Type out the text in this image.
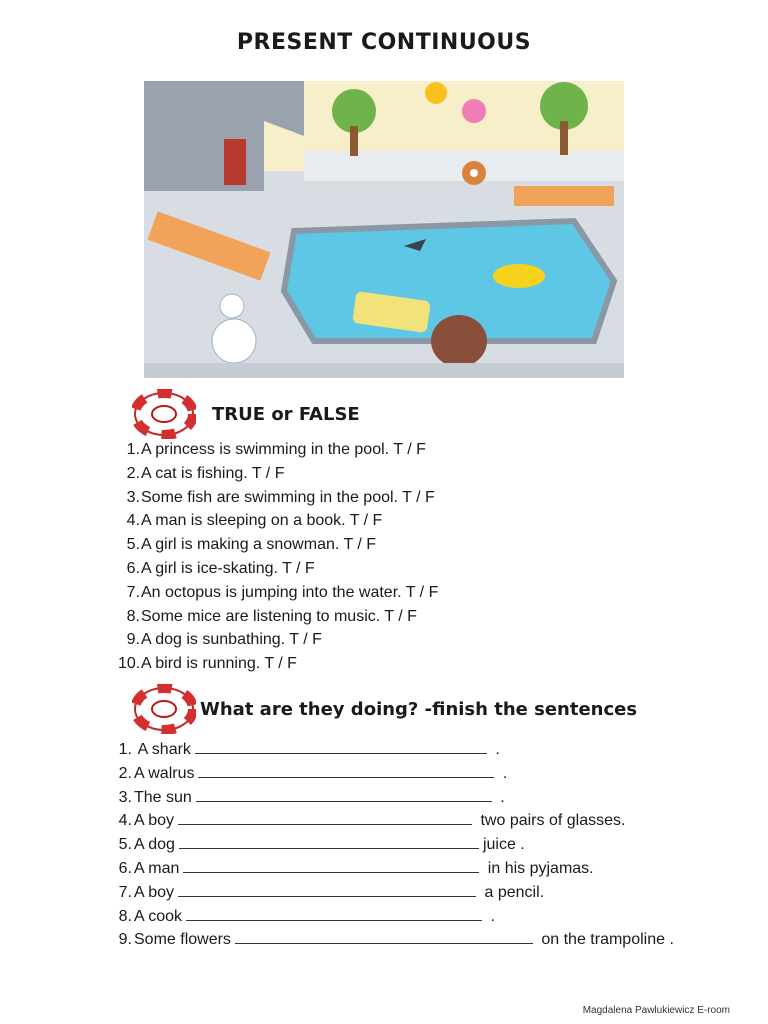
PRESENT CONTINUOUS
TRUE or FALSE
1.A princess is swimming in the pool. T / F
2.A cat is fishing. T / F
3.Some fish are swimming in the pool. T / F
4.A man is sleeping on a book. T / F
5.A girl is making a snowman. T / F
6.A girl is ice-skating. T / F
7.An octopus is jumping into the water. T / F
8.Some mice are listening to music. T / F
9.A dog is sunbathing. T / F
10.A bird is running. T / F
What are they doing? -finish the sentences
1. A shark	.
2. A walrus	.
3. The sun	.
4. A boy	two pairs of glasses.
5. A dog	juice .
6. A man	in his pyjamas.
7. A boy	a pencil.
8. A cook	.
9. Some flowers	on the trampoline .
Magdalena Pawlukiewicz E-room
